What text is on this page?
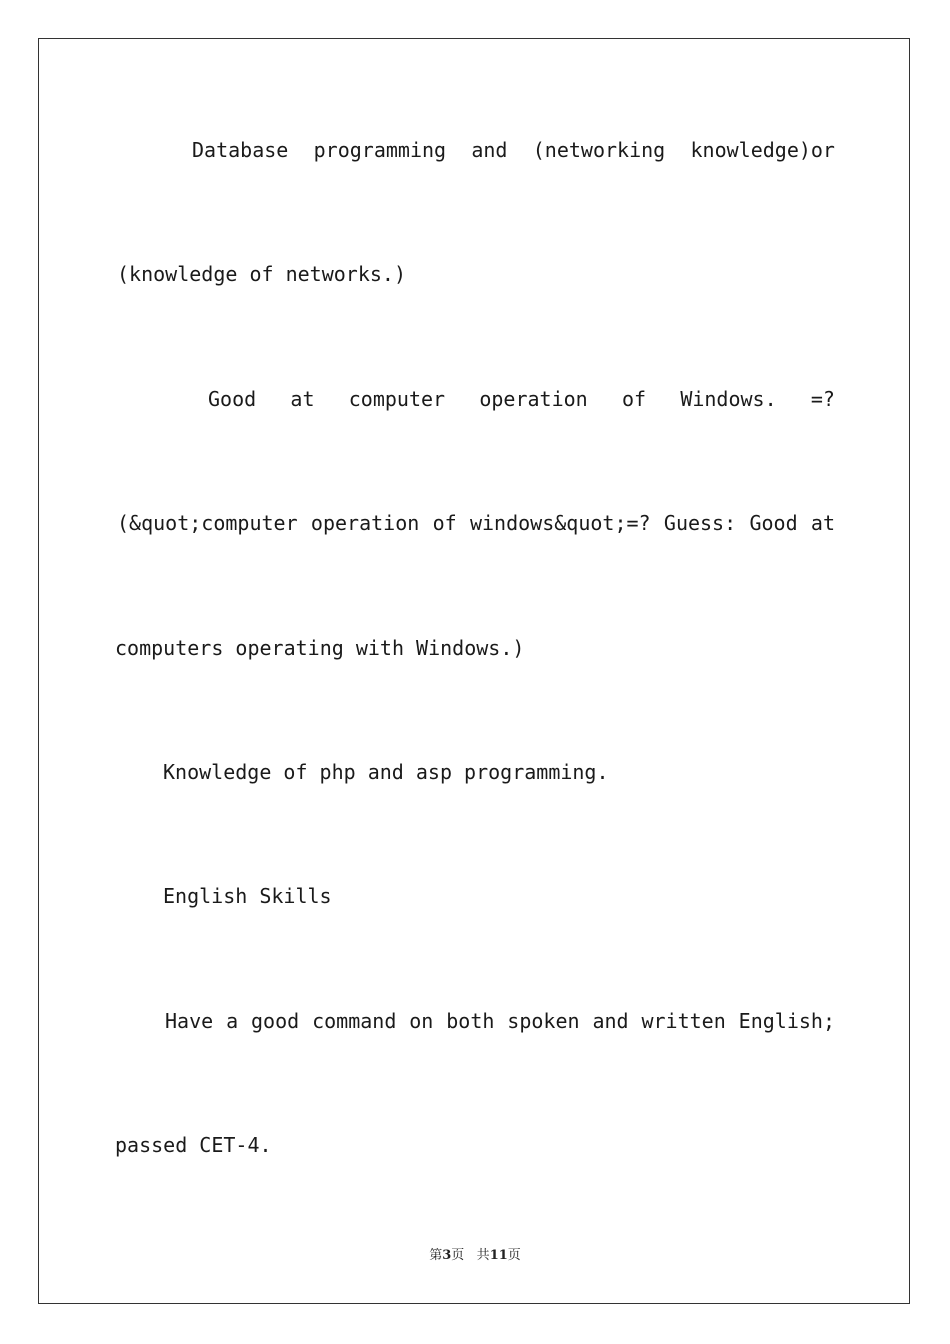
Database programming and (networking knowledge)or
(knowledge of networks.)
Good at computer operation of Windows. =?
(&quot;computer operation of windows&quot;=? Guess: Good at
computers operating with Windows.)
Knowledge of php and asp programming.
English Skills
Have a good command on both spoken and written English;
passed CET-4.
第3页 共11页
